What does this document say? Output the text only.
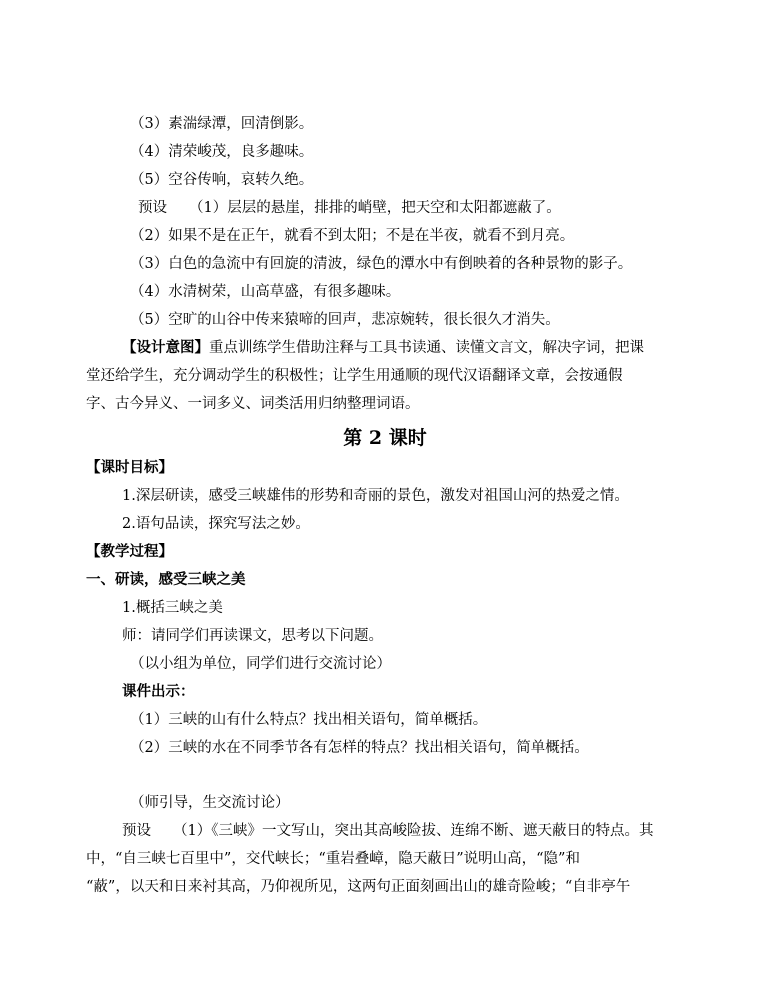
（3）素湍绿潭，回清倒影。
（4）清荣峻茂，良多趣味。
（5）空谷传响，哀转久绝。
预设 （1）层层的悬崖，排排的峭壁，把天空和太阳都遮蔽了。
（2）如果不是在正午，就看不到太阳；不是在半夜，就看不到月亮。
（3）白色的急流中有回旋的清波，绿色的潭水中有倒映着的各种景物的影子。
（4）水清树荣，山高草盛，有很多趣味。
（5）空旷的山谷中传来猿啼的回声，悲凉婉转，很长很久才消失。
【设计意图】重点训练学生借助注释与工具书读通、读懂文言文，解决字词，把课
堂还给学生，充分调动学生的积极性；让学生用通顺的现代汉语翻译文章，会按通假
字、古今异义、一词多义、词类活用归纳整理词语。
第 2 课时
【课时目标】
1.深层研读，感受三峡雄伟的形势和奇丽的景色，激发对祖国山河的热爱之情。
2.语句品读，探究写法之妙。
【教学过程】
一、研读，感受三峡之美
1.概括三峡之美
师：请同学们再读课文，思考以下问题。
（以小组为单位，同学们进行交流讨论）
课件出示：
（1）三峡的山有什么特点？找出相关语句，简单概括。
（2）三峡的水在不同季节各有怎样的特点？找出相关语句，简单概括。
（师引导，生交流讨论）
预设 （1）《三峡》一文写山，突出其高峻险拔、连绵不断、遮天蔽日的特点。其
中，“自三峡七百里中”，交代峡长；“重岩叠嶂，隐天蔽日”说明山高，“隐”和
“蔽”，以天和日来衬其高，乃仰视所见，这两句正面刻画出山的雄奇险峻；“自非亭午
